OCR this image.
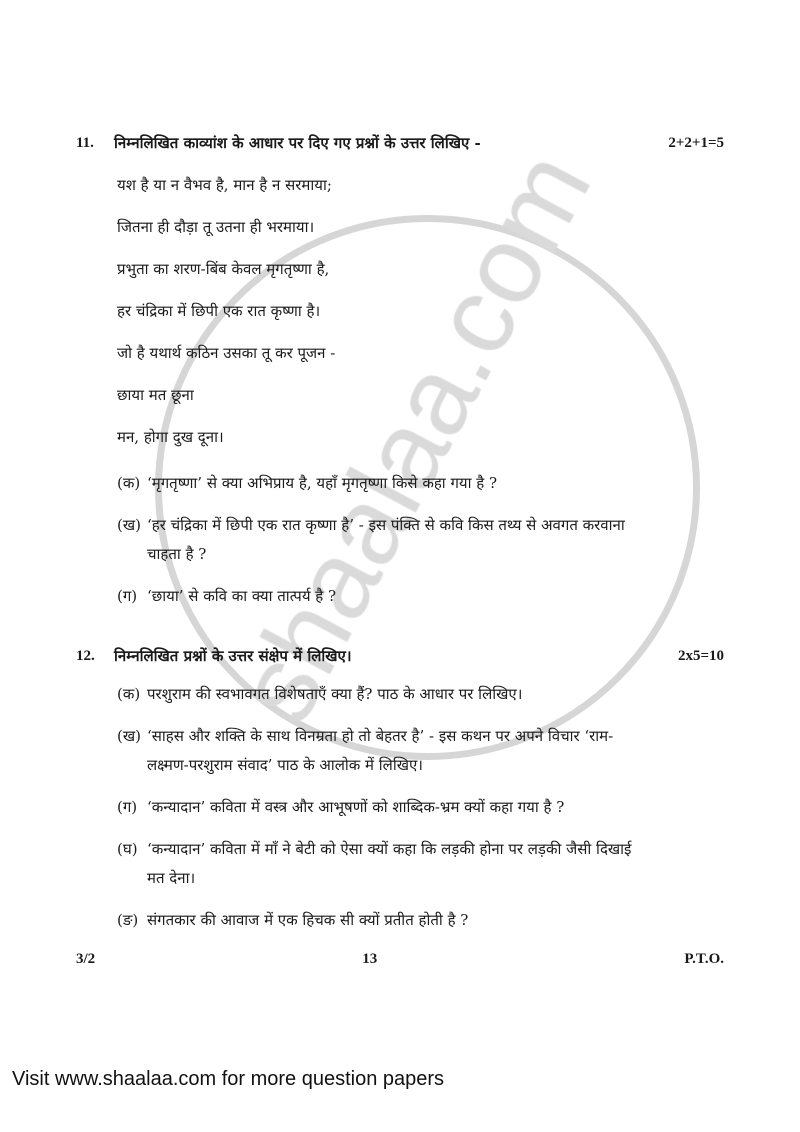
11.	निम्नलिखित काव्यांश के आधार पर दिए गए प्रश्नों के उत्तर लिखिए -	2+2+1=5
यश है या न वैभव है, मान है न सरमाया;
जितना ही दौड़ा तू उतना ही भरमाया।
प्रभुता का शरण-बिंब केवल मृगतृष्णा है,
हर चंद्रिका में छिपी एक रात कृष्णा है।
जो है यथार्थ कठिन उसका तू कर पूजन -
छाया मत छूना
मन, होगा दुख दूना।
(क) ‘मृगतृष्णा’ से क्या अभिप्राय है, यहाँ मृगतृष्णा किसे कहा गया है ?
(ख) ‘हर चंद्रिका में छिपी एक रात कृष्णा है’ - इस पंक्ति से कवि किस तथ्य से अवगत करवाना
चाहता है ?
(ग) ‘छाया’ से कवि का क्या तात्पर्य है ?
12.	निम्नलिखित प्रश्नों के उत्तर संक्षेप में लिखिए।	2x5=10
(क) परशुराम की स्वभावगत विशेषताएँ क्या हैं? पाठ के आधार पर लिखिए।
(ख) ‘साहस और शक्ति के साथ विनम्रता हो तो बेहतर है’ - इस कथन पर अपने विचार ‘राम-
लक्ष्मण-परशुराम संवाद’ पाठ के आलोक में लिखिए।
(ग) ‘कन्यादान’ कविता में वस्त्र और आभूषणों को शाब्दिक-भ्रम क्यों कहा गया है ?
(घ) ‘कन्यादान’ कविता में माँ ने बेटी को ऐसा क्यों कहा कि लड़की होना पर लड़की जैसी दिखाई
मत देना।
(ङ) संगतकार की आवाज में एक हिचक सी क्यों प्रतीत होती है ?
3/2	13	P.T.O.
Visit www.shaalaa.com for more question papers
